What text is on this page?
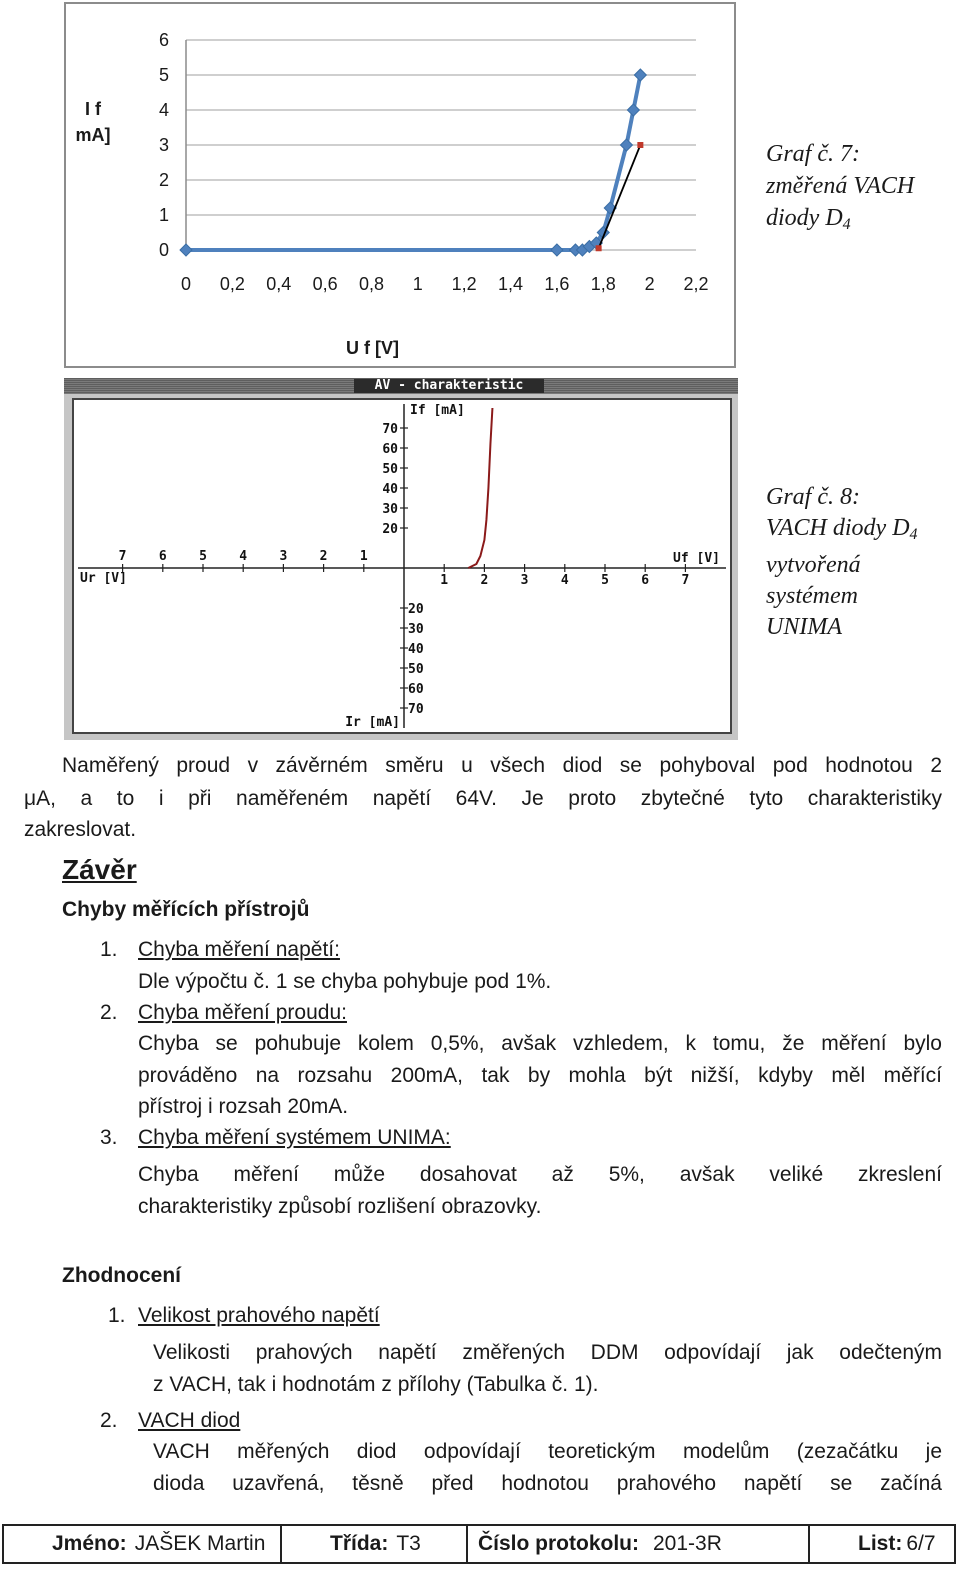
0
1
2
3
4
5
6
0 0,2 0,4 0,6 0,8 1 1,2 1,4 1,6 1,8 2 2,2
I f
mA]
U f [V]
Graf č. 7:
změřená VACH
diody $D_4$
AV - charakteristic
1 2 3 4 5 6 7
7 6 5 4 3 2 1
70
60
50
40
30
20
20
30
40
50
60
70
If [mA]
Ir [mA]
Uf [V]
Ur [V]
Graf č. 8:
VACH diody $D_4$
vytvořená
systémem
UNIMA
Naměřený proud v závěrném směru u všech diod se pohyboval pod hodnotou 2
μA, a to i při naměřeném napětí 64V. Je proto zbytečné tyto charakteristiky
zakreslovat.
Závěr
Chyby měřících přístrojů
1. Chyba měření napětí:
Dle výpočtu č. 1 se chyba pohybuje pod 1%.
2. Chyba měření proudu:
Chyba se pohubuje kolem 0,5%, avšak vzhledem, k tomu, že měření bylo
prováděno na rozsahu 200mA, tak by mohla být nižší, kdyby měl měřící
přístroj i rozsah 20mA.
3. Chyba měření systémem UNIMA:
Chyba měření může dosahovat až 5%, avšak veliké zkreslení
charakteristiky způsobí rozlišení obrazovky.
Zhodnocení
1. Velikost prahového napětí
Velikosti prahových napětí změřených DDM odpovídají jak odečteným
z VACH, tak i hodnotám z přílohy (Tabulka č. 1).
2. VACH diod
VACH měřených diod odpovídají teoretickým modelům (zezačátku je
dioda uzavřená, těsně před hodnotou prahového napětí se začíná
Jméno: JAŠEK Martin	Třída: T3	Číslo protokolu: 201-3R	List: 6/7
